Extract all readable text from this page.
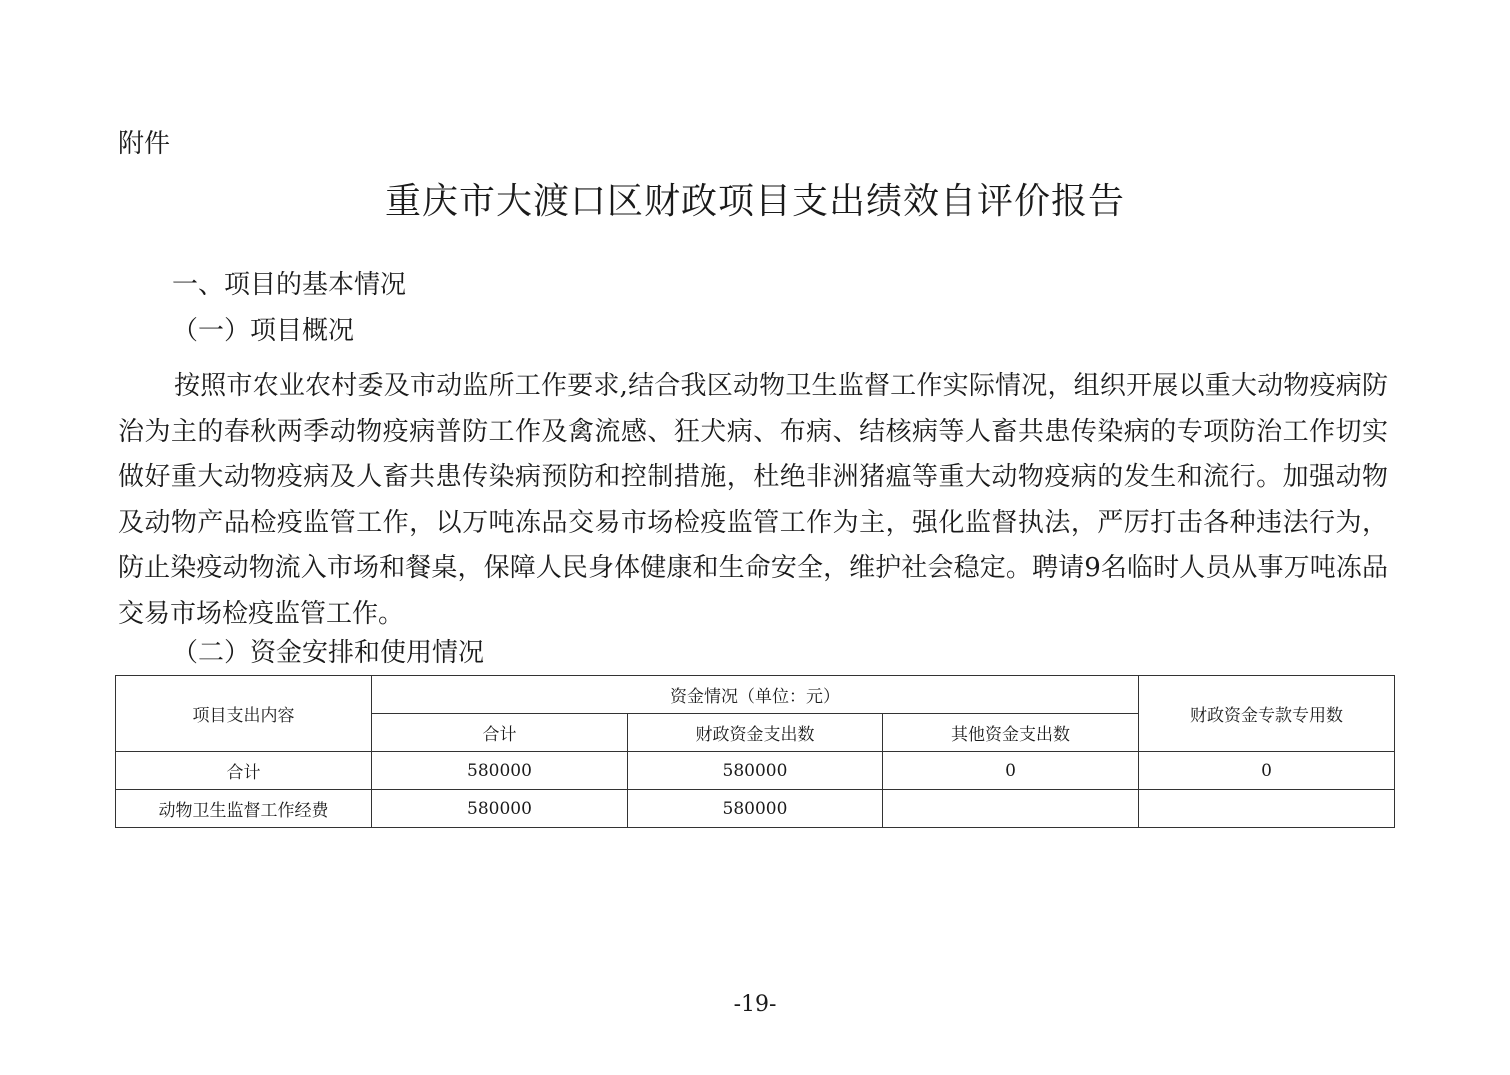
附件
重庆市大渡口区财政项目支出绩效自评价报告
一、项目的基本情况
（一）项目概况

按照市农业农村委及市动监所工作要求,结合我区动物卫生监督工作实际情况，组织开展以重大动物疫病防治为主的春秋两季动物疫病普防工作及禽流感、狂犬病、布病、结核病等人畜共患传染病的专项防治工作切实做好重大动物疫病及人畜共患传染病预防和控制措施，杜绝非洲猪瘟等重大动物疫病的发生和流行。加强动物及动物产品检疫监管工作，以万吨冻品交易市场检疫监管工作为主，强化监督执法，严厉打击各种违法行为，防止染疫动物流入市场和餐桌，保障人民身体健康和生命安全，维护社会稳定。聘请9名临时人员从事万吨冻品交易市场检疫监管工作。

（二）资金安排和使用情况
项目支出内容	资金情况（单位：元）			财政资金专款专用数
	合计	财政资金支出数	其他资金支出数	
合计	580000	580000	0	0
动物卫生监督工作经费	580000	580000		
-19-
